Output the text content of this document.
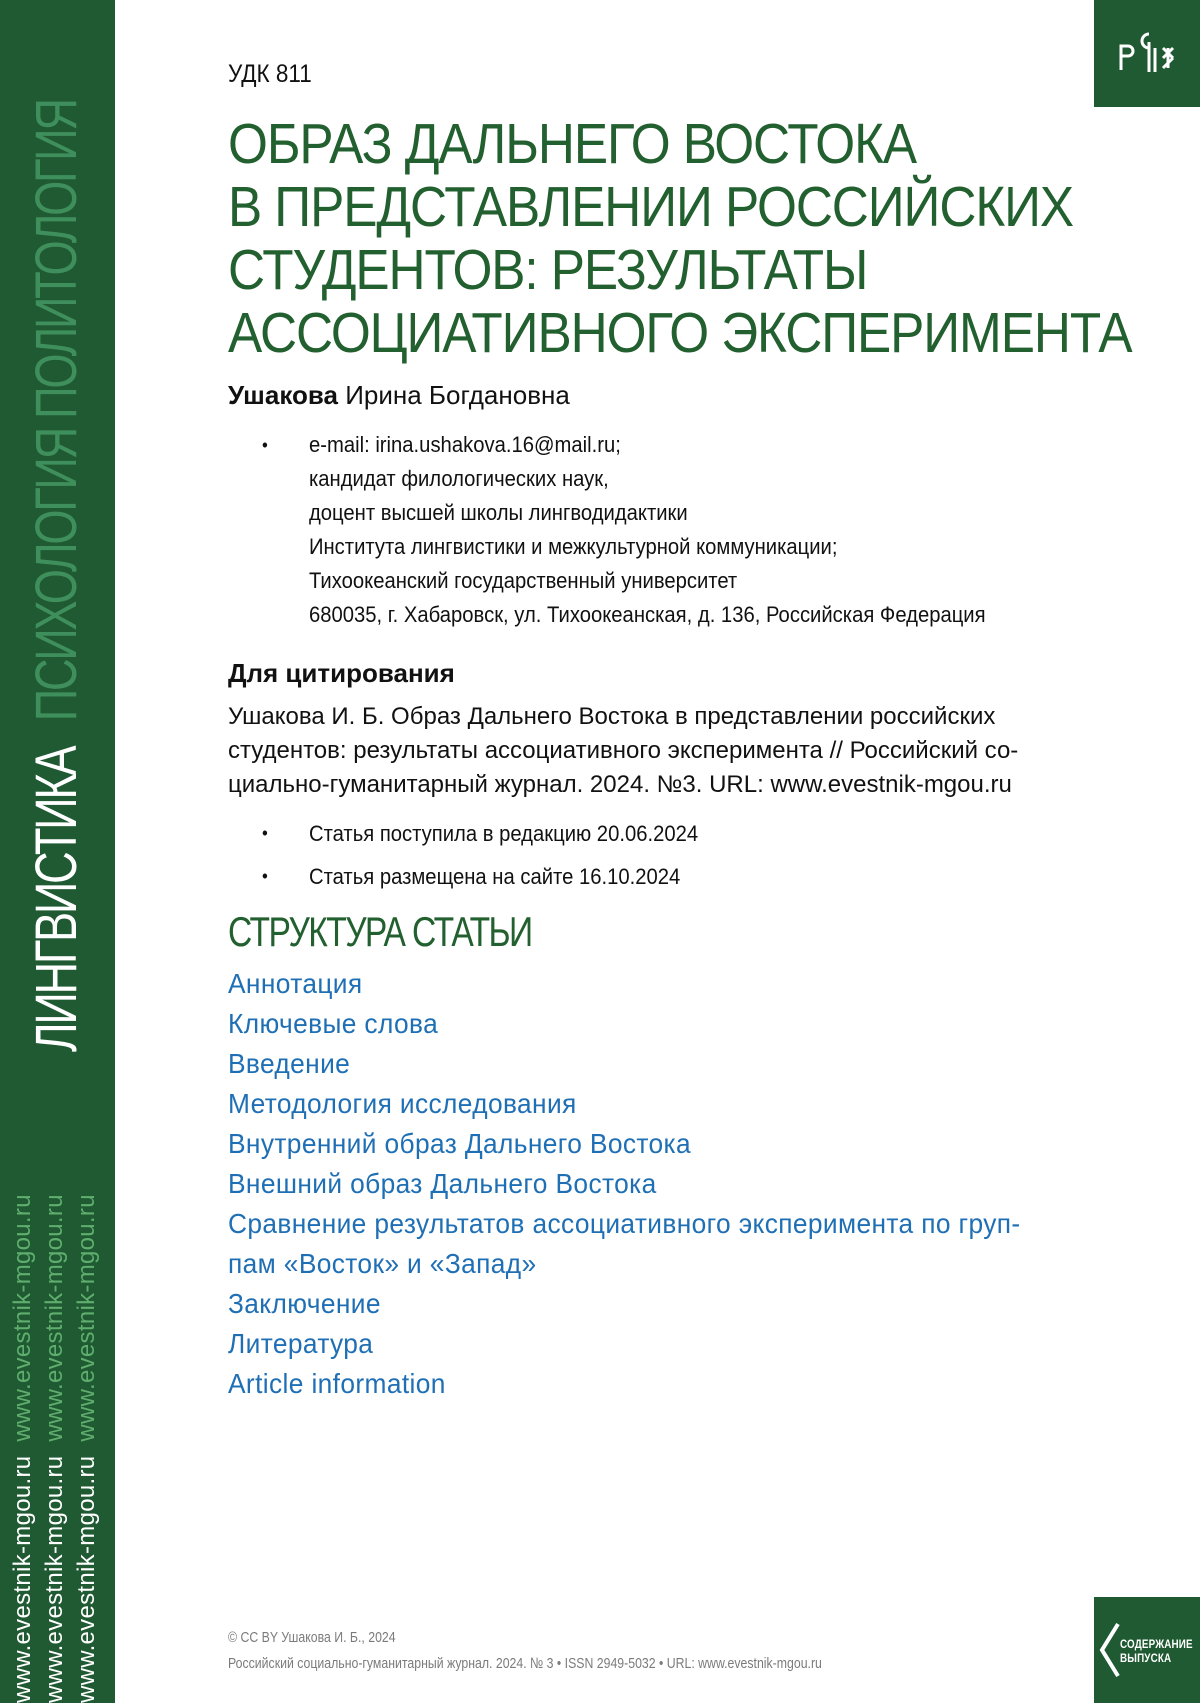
ЛИНГВИСТИКАПСИХОЛОГИЯ ПОЛИТОЛОГИЯ
www.evestnik-mgou.ruwww.evestnik-mgou.ru
www.evestnik-mgou.ruwww.evestnik-mgou.ru
www.evestnik-mgou.ruwww.evestnik-mgou.ru
УДК 811
ОБРАЗ ДАЛЬНЕГО ВОСТОКА
В ПРЕДСТАВЛЕНИИ РОССИЙСКИХ
СТУДЕНТОВ: РЕЗУЛЬТАТЫ
АССОЦИАТИВНОГО ЭКСПЕРИМЕНТА
Ушакова Ирина Богдановна
• e-mail: irina.ushakova.16@mail.ru;
кандидат филологических наук,
доцент высшей школы лингводидактики
Института лингвистики и межкультурной коммуникации;
Тихоокеанский государственный университет
680035, г. Хабаровск, ул. Тихоокеанская, д. 136, Российская Федерация
Для цитирования
Ушакова И. Б. Образ Дальнего Востока в представлении российских
студентов: результаты ассоциативного эксперимента // Российский со-
циально-гуманитарный журнал. 2024. №3. URL: www.evestnik-mgou.ru
• Статья поступила в редакцию 20.06.2024
• Статья размещена на сайте 16.10.2024
СТРУКТУРА СТАТЬИ
Аннотация
Ключевые слова
Введение
Методология исследования
Внутренний образ Дальнего Востока
Внешний образ Дальнего Востока
Сравнение результатов ассоциативного эксперимента по груп-
пам «Восток» и «Запад»
Заключение
Литература
Article information
© CC BY Ушакова И. Б., 2024
Российский социально-гуманитарный журнал. 2024. № 3 • ISSN 2949-5032 • URL: www.evestnik-mgou.ru
СОДЕРЖАНИЕ
ВЫПУСКА
